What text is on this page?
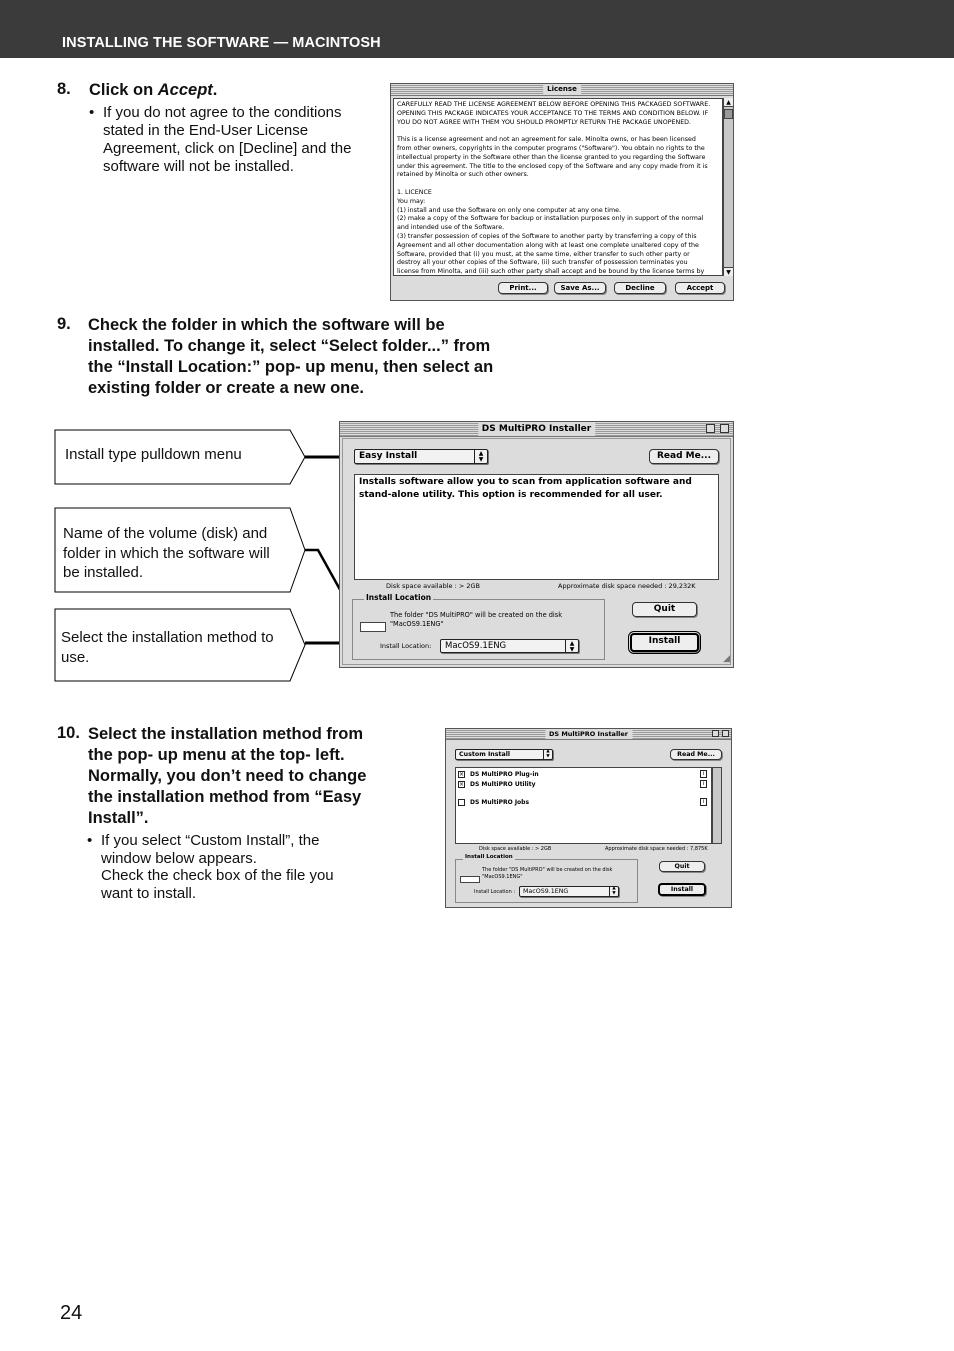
INSTALLING THE SOFTWARE — MACINTOSH
8. Click on Accept.
• If you do not agree to the conditions stated in the End-User License Agreement, click on [Decline] and the software will not be installed.
License
CAREFULLY READ THE LICENSE AGREEMENT BELOW BEFORE OPENING THIS PACKAGED SOFTWARE.
OPENING THIS PACKAGE INDICATES YOUR ACCEPTANCE TO THE TERMS AND CONDITION BELOW. IF
YOU DO NOT AGREE WITH THEM YOU SHOULD PROMPTLY RETURN THE PACKAGE UNOPENED.
This is a license agreement and not an agreement for sale. Minolta owns, or has been licensed
from other owners, copyrights in the computer programs ("Software"). You obtain no rights to the
intellectual property in the Software other than the license granted to you regarding the Software
under this agreement. The title to the enclosed copy of the Software and any copy made from it is
retained by Minolta or such other owners.
1. LICENCE
You may:
(1) install and use the Software on only one computer at any one time.
(2) make a copy of the Software for backup or installation purposes only in support of the normal
and intended use of the Software.
(3) transfer possession of copies of the Software to another party by transferring a copy of this
Agreement and all other documentation along with at least one complete unaltered copy of the
Software, provided that (i) you must, at the same time, either transfer to such other party or
destroy all your other copies of the Software, (ii) such transfer of possession terminates you
license from Minolta, and (iii) such other party shall accept and be bound by the license terms by
▲
▼
Print...	Save As...	Decline	Accept
9. Check the folder in which the software will be installed. To change it, select “Select folder...” from the “Install Location:” pop- up menu, then select an existing folder or create a new one.
Install type pulldown menu
Name of the volume (disk) and folder in which the software will be installed.
Select the installation method to use.
DS MultiPRO Installer
Easy Install	▲
▼	Read Me...
Installs software allow you to scan from application software and stand-alone utility. This option is recommended for all user.
Disk space available : > 2GB	Approximate disk space needed : 29,232K
Install Location
The folder "DS MultiPRO" will be created on the disk "MacOS9.1ENG"
Install Location:	MacOS9.1ENG	▲
▼
Quit
Install
◢
10. Select the installation method from the pop- up menu at the top- left. Normally, you don’t need to change the installation method from “Easy Install”.
• If you select “Custom Install”, the window below appears.
Check the check box of the file you want to install.
DS MultiPRO Installer
Custom Install	▲
▼	Read Me...
× DS MultiPRO Plug-in	i
× DS MultiPRO Utility	i
DS MultiPRO Jobs	i
Disk space available : > 2GB	Approximate disk space needed : 7,875K
Install Location
The folder "DS MultiPRO" will be created on the disk "MacOS9.1ENG"
Install Location :	MacOS9.1ENG	▲
▼
Quit
Install
24
